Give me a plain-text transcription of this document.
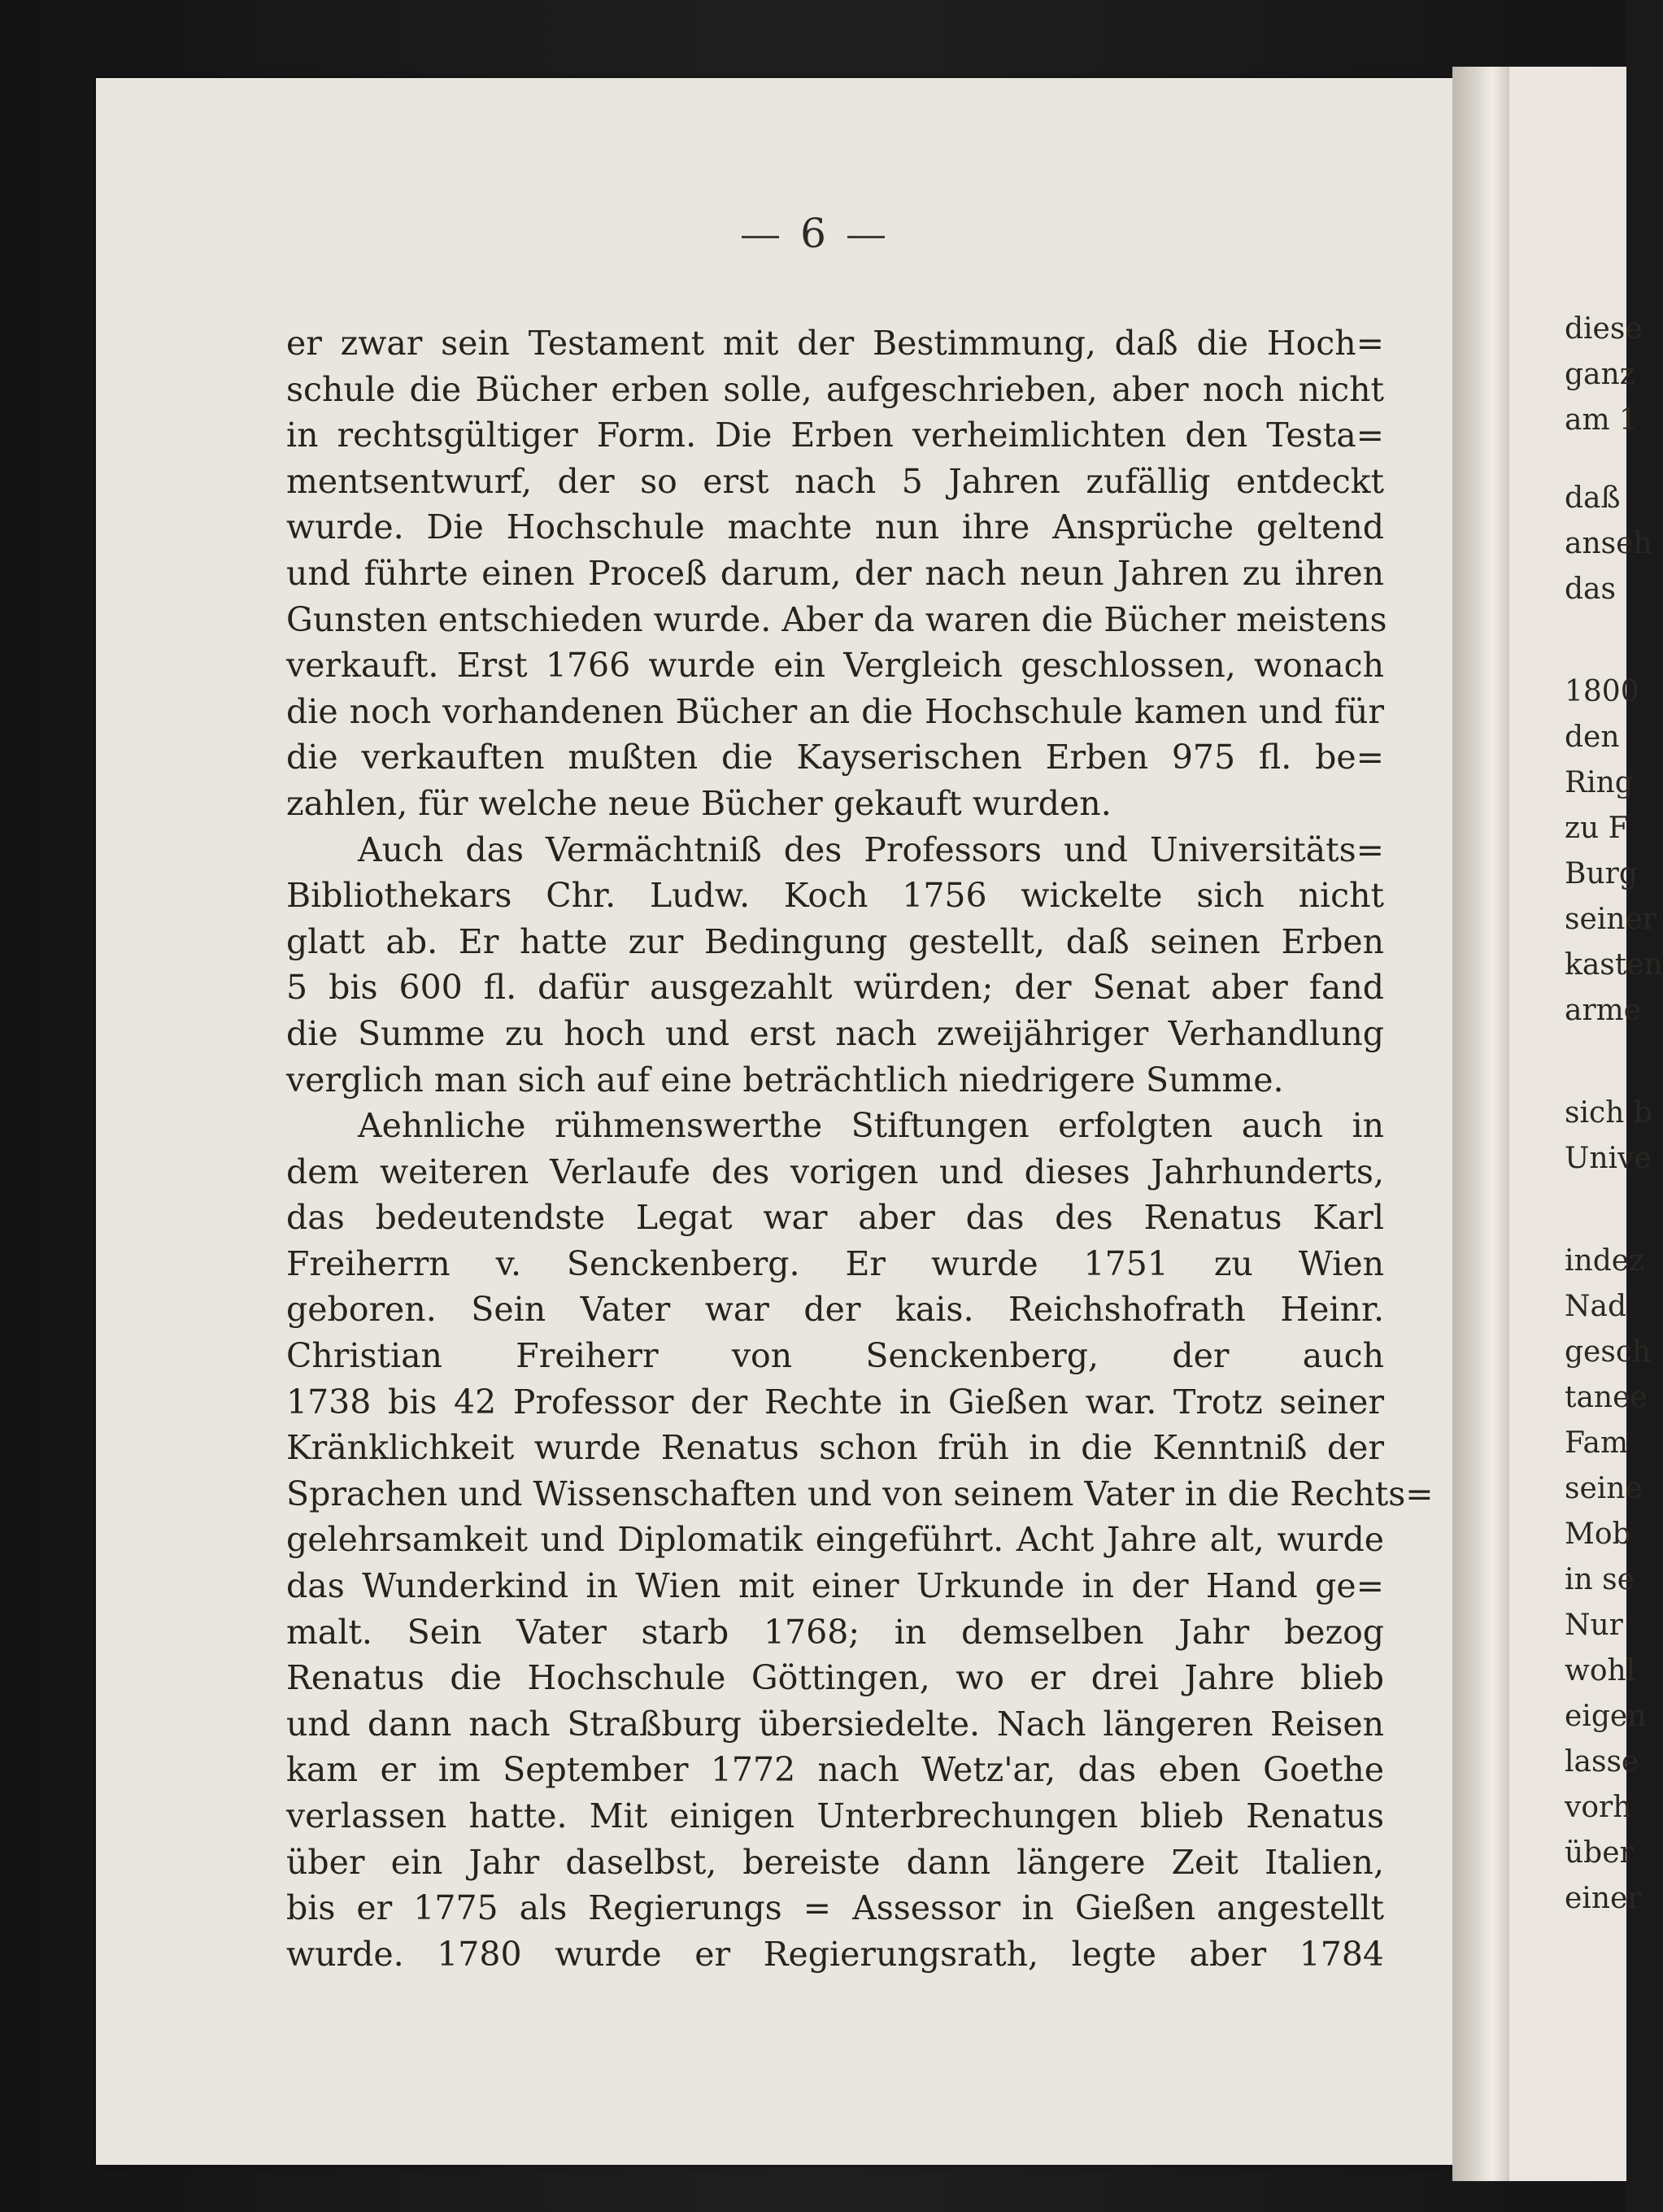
6
er zwar sein Testament mit der Bestimmung, daß die Hoch=
schule die Bücher erben solle, aufgeschrieben, aber noch nicht
in rechtsgültiger Form. Die Erben verheimlichten den Testa=
mentsentwurf, der so erst nach 5 Jahren zufällig entdeckt
wurde. Die Hochschule machte nun ihre Ansprüche geltend
und führte einen Proceß darum, der nach neun Jahren zu ihren
Gunsten entschieden wurde. Aber da waren die Bücher meistens
verkauft. Erst 1766 wurde ein Vergleich geschlossen, wonach
die noch vorhandenen Bücher an die Hochschule kamen und für
die verkauften mußten die Kayserischen Erben 975 fl. be=
zahlen, für welche neue Bücher gekauft wurden.
Auch das Vermächtniß des Professors und Universitäts=
Bibliothekars Chr. Ludw. Koch 1756 wickelte sich nicht
glatt ab. Er hatte zur Bedingung gestellt, daß seinen Erben
5 bis 600 fl. dafür ausgezahlt würden; der Senat aber fand
die Summe zu hoch und erst nach zweijähriger Verhandlung
verglich man sich auf eine beträchtlich niedrigere Summe.
Aehnliche rühmenswerthe Stiftungen erfolgten auch in
dem weiteren Verlaufe des vorigen und dieses Jahrhunderts,
das bedeutendste Legat war aber das des Renatus Karl
Freiherrn v. Senckenberg. Er wurde 1751 zu Wien
geboren. Sein Vater war der kais. Reichshofrath Heinr.
Christian Freiherr von Senckenberg, der auch
1738 bis 42 Professor der Rechte in Gießen war. Trotz seiner
Kränklichkeit wurde Renatus schon früh in die Kenntniß der
Sprachen und Wissenschaften und von seinem Vater in die Rechts=
gelehrsamkeit und Diplomatik eingeführt. Acht Jahre alt, wurde
das Wunderkind in Wien mit einer Urkunde in der Hand ge=
malt. Sein Vater starb 1768; in demselben Jahr bezog
Renatus die Hochschule Göttingen, wo er drei Jahre blieb
und dann nach Straßburg übersiedelte. Nach längeren Reisen
kam er im September 1772 nach Wetz'ar, das eben Goethe
verlassen hatte. Mit einigen Unterbrechungen blieb Renatus
über ein Jahr daselbst, bereiste dann längere Zeit Italien,
bis er 1775 als Regierungs = Assessor in Gießen angestellt
wurde. 1780 wurde er Regierungsrath, legte aber 1784
diese
ganz
am 1
daß
anseh
das
1800
den
Ring
zu F
Burg
seiner
kasten
arme
sich b
Unive
indez
Nad
gesch
tanee
Fam
seine
Mob
in se
Nur
wohl
eigen
lasse
vorh
über
einer
